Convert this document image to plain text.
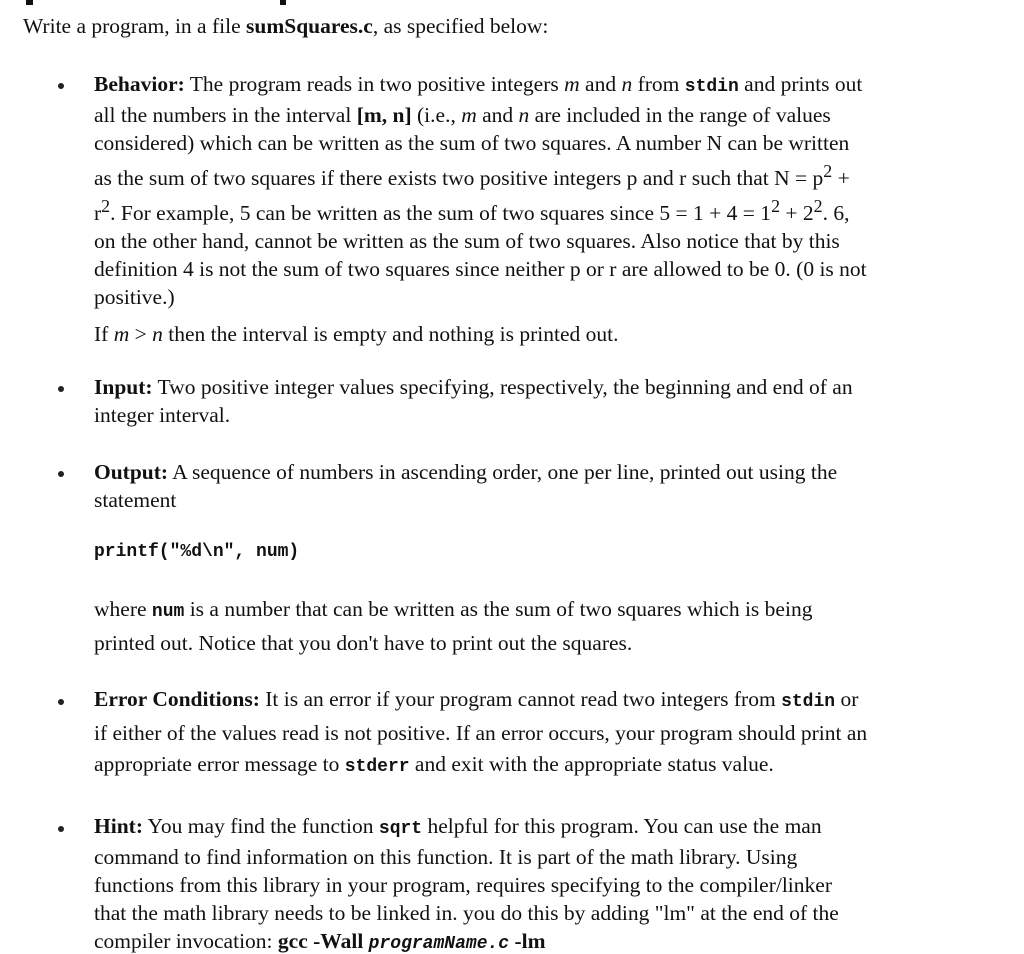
Write a program, in a file sumSquares.c, as specified below:
Behavior: The program reads in two positive integers m and n from stdin and prints out
all the numbers in the interval [m, n] (i.e., m and n are included in the range of values
considered) which can be written as the sum of two squares. A number N can be written
as the sum of two squares if there exists two positive integers p and r such that $N = p^2$ +
$r^2$. For example, 5 can be written as the sum of two squares since $5 = 1 + 4 = 1^2 + 2^2$. 6,
on the other hand, cannot be written as the sum of two squares. Also notice that by this
definition 4 is not the sum of two squares since neither p or r are allowed to be 0. (0 is not
positive.)
If m > n then the interval is empty and nothing is printed out.
Input: Two positive integer values specifying, respectively, the beginning and end of an
integer interval.
Output: A sequence of numbers in ascending order, one per line, printed out using the
statement
printf("%d\n", num)
where num is a number that can be written as the sum of two squares which is being
printed out. Notice that you don't have to print out the squares.
Error Conditions: It is an error if your program cannot read two integers from stdin or
if either of the values read is not positive. If an error occurs, your program should print an
appropriate error message to stderr and exit with the appropriate status value.
Hint: You may find the function sqrt helpful for this program. You can use the man
command to find information on this function. It is part of the math library. Using
functions from this library in your program, requires specifying to the compiler/linker
that the math library needs to be linked in. you do this by adding "lm" at the end of the
compiler invocation: gcc -Wall programName.c -lm
